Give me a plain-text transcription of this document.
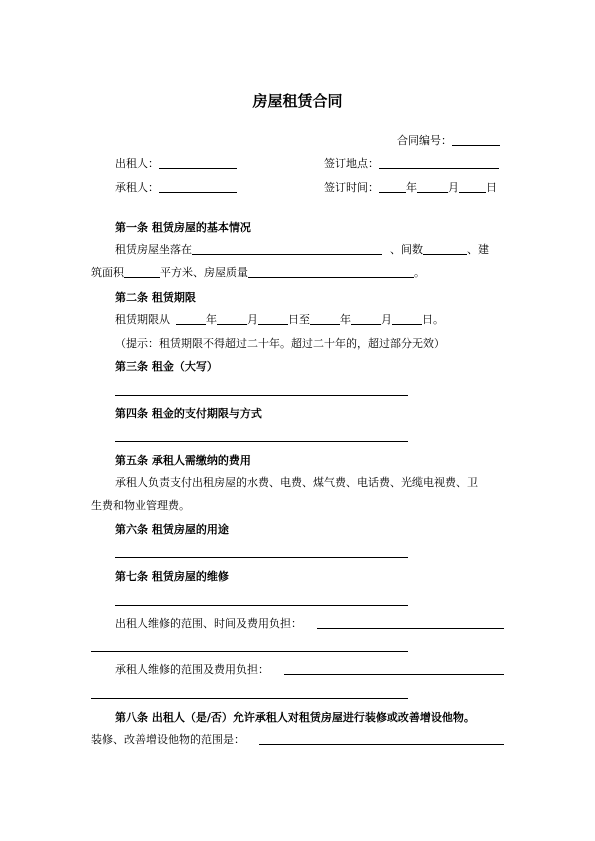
房屋租赁合同
合同编号：
出租人：	签订地点：
承租人：	签订时间： 年	月 日
第一条 租赁房屋的基本情况
租赁房屋坐落在	、间数	、建
筑面积	平方米、房屋质量	。
第二条 租赁期限
租赁期限从	年	月	日至	年	月	日。
（提示：租赁期限不得超过二十年。超过二十年的，超过部分无效）
第三条 租金（大写）
第四条 租金的支付期限与方式
第五条 承租人需缴纳的费用
承租人负责支付出租房屋的水费、电费、煤气费、电话费、光缆电视费、卫
生费和物业管理费。
第六条 租赁房屋的用途
第七条 租赁房屋的维修
出租人维修的范围、时间及费用负担：
承租人维修的范围及费用负担：
第八条 出租人（是/否）允许承租人对租赁房屋进行装修或改善增设他物。
装修、改善增设他物的范围是：
